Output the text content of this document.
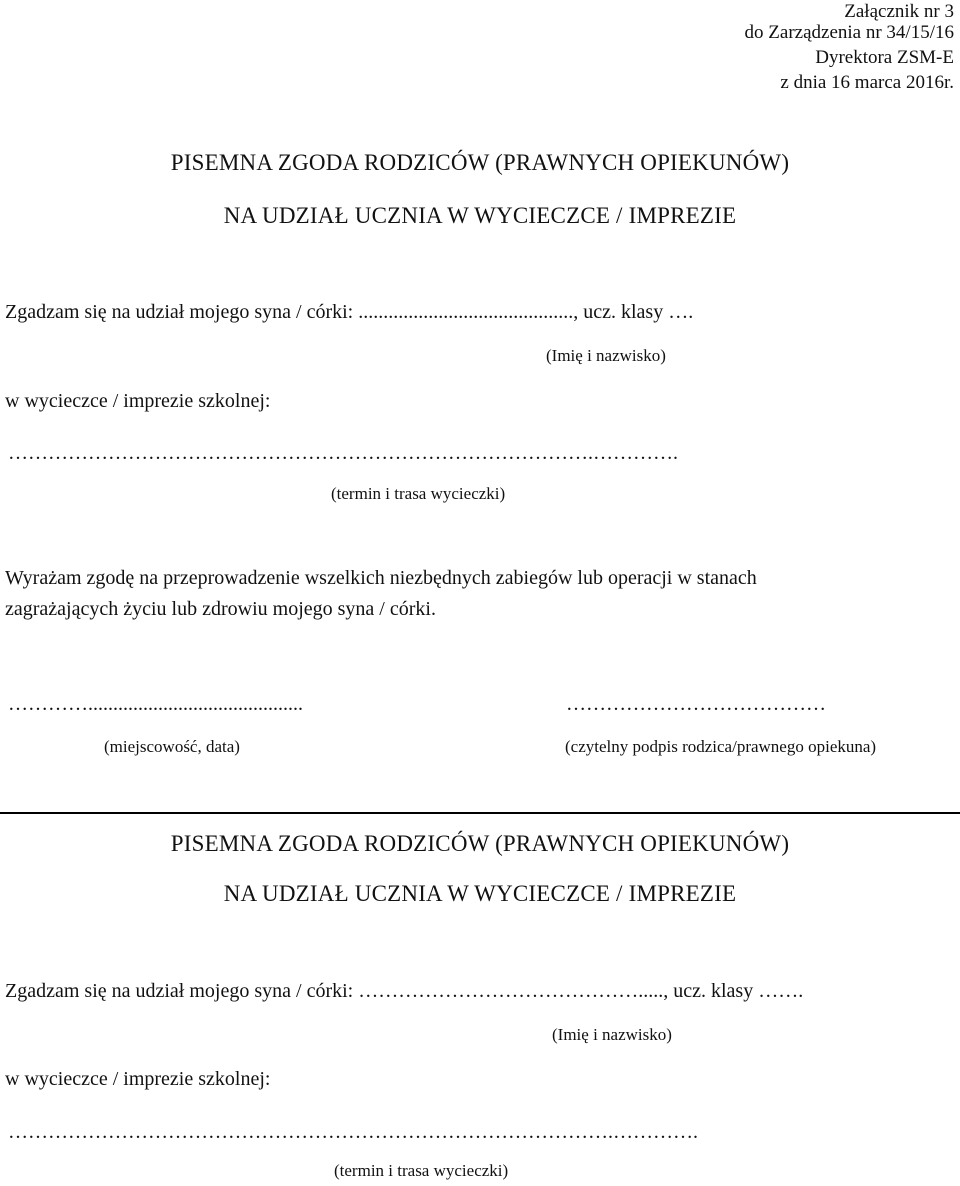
Załącznik nr 3
do Zarządzenia nr 34/15/16
Dyrektora ZSM-E
z dnia 16 marca 2016r.
PISEMNA ZGODA RODZICÓW (PRAWNYCH OPIEKUNÓW)
NA UDZIAŁ UCZNIA W WYCIECZCE / IMPREZIE
Zgadzam się na udział mojego syna / córki: ..........................................., ucz. klasy ….
(Imię i nazwisko)
w wycieczce / imprezie szkolnej:
…………………………………………………………………………….………….
(termin i trasa wycieczki)
Wyrażam zgodę na przeprowadzenie wszelkich niezbędnych zabiegów lub operacji w stanach
zagrażających życiu lub zdrowiu mojego syna / córki.
…………...........................................
(miejscowość, data)
…………………………………
(czytelny podpis rodzica/prawnego opiekuna)
PISEMNA ZGODA RODZICÓW (PRAWNYCH OPIEKUNÓW)
NA UDZIAŁ UCZNIA W WYCIECZCE / IMPREZIE
Zgadzam się na udział mojego syna / córki: ……………………………………....., ucz. klasy …….
(Imię i nazwisko)
w wycieczce / imprezie szkolnej:
……………………………………………………………………………….………….
(termin i trasa wycieczki)
